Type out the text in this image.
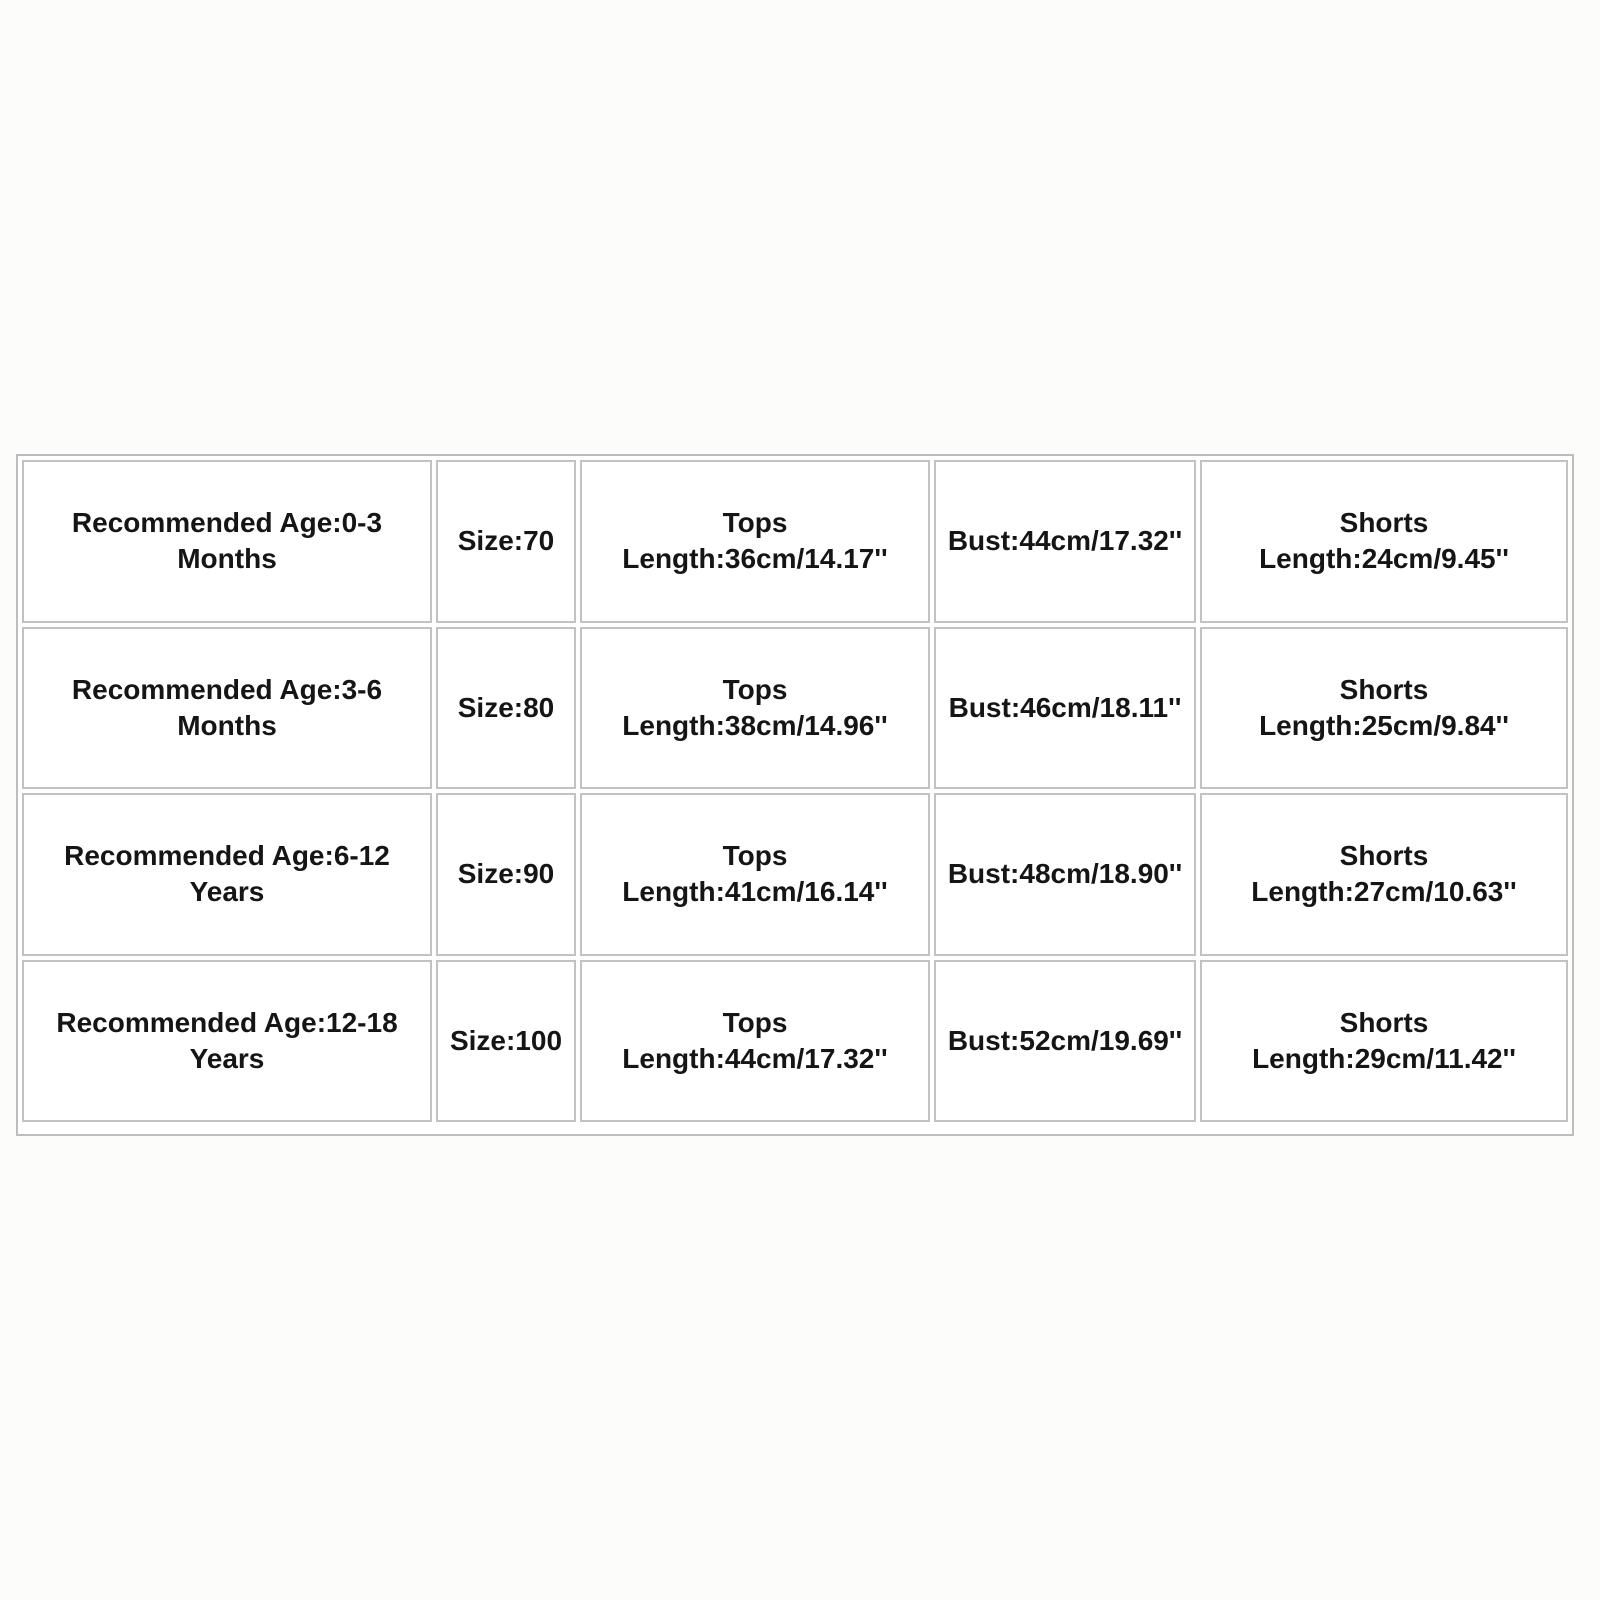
Recommended Age:0-3
Months	Size:70	Tops
Length:36cm/14.17''	Bust:44cm/17.32''	Shorts
Length:24cm/9.45''

Recommended Age:3-6
Months	Size:80	Tops
Length:38cm/14.96''	Bust:46cm/18.11''	Shorts
Length:25cm/9.84''

Recommended Age:6-12
Years	Size:90	Tops
Length:41cm/16.14''	Bust:48cm/18.90''	Shorts
Length:27cm/10.63''

Recommended Age:12-18
Years	Size:100	Tops
Length:44cm/17.32''	Bust:52cm/19.69''	Shorts
Length:29cm/11.42''
